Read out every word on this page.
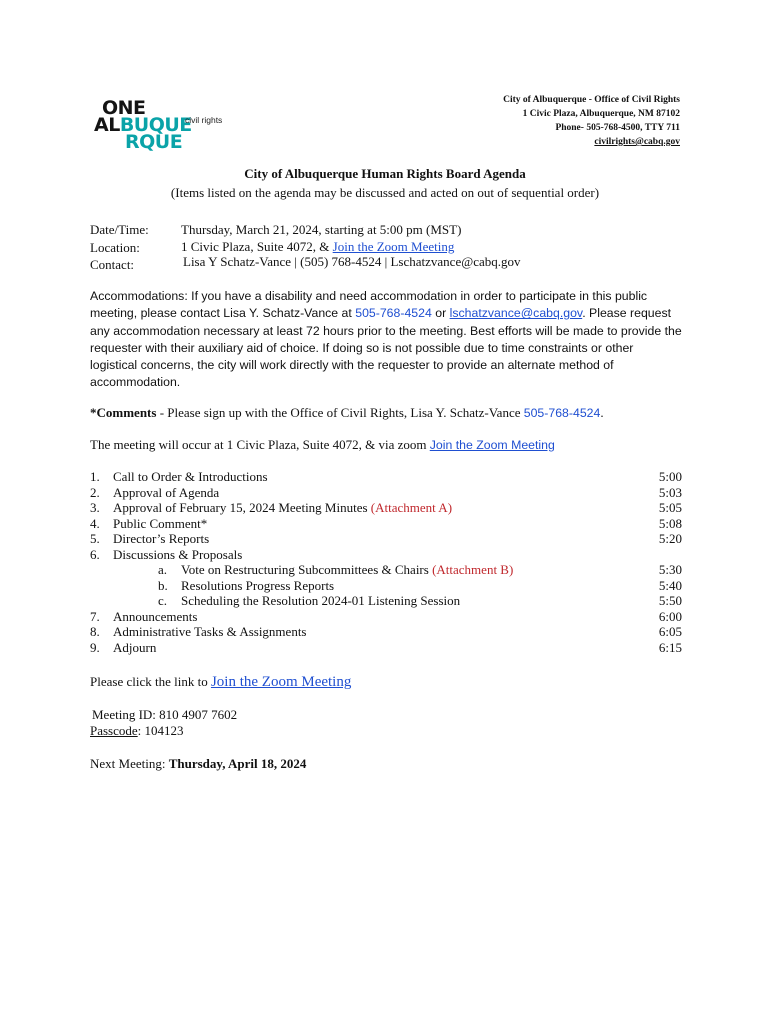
ONE
ALBUQUE
RQUE
civil rights
City of Albuquerque - Office of Civil Rights
1 Civic Plaza, Albuquerque, NM 87102
Phone- 505-768-4500, TTY 711
civilrights@cabq.gov
City of Albuquerque Human Rights Board Agenda
(Items listed on the agenda may be discussed and acted on out of sequential order)
Date/Time: Thursday, March 21, 2024, starting at 5:00 pm (MST)
Location:	1 Civic Plaza, Suite 4072, & Join the Zoom Meeting
Contact:	Lisa Y Schatz-Vance | (505) 768-4524 | Lschatzvance@cabq.gov
Accommodations: If you have a disability and need accommodation in order to participate in this public meeting, please contact Lisa Y. Schatz-Vance at 505-768-4524 or lschatzvance@cabq.gov. Please request any accommodation necessary at least 72 hours prior to the meeting. Best efforts will be made to provide the requester with their auxiliary aid of choice. If doing so is not possible due to time constraints or other logistical concerns, the city will work directly with the requester to provide an alternate method of accommodation.
*Comments - Please sign up with the Office of Civil Rights, Lisa Y. Schatz-Vance 505-768-4524.
The meeting will occur at 1 Civic Plaza, Suite 4072, & via zoom Join the Zoom Meeting
1. Call to Order & Introductions	5:00
2. Approval of Agenda	5:03
3. Approval of February 15, 2024 Meeting Minutes (Attachment A)	5:05
4. Public Comment*	5:08
5. Director’s Reports	5:20
6. Discussions & Proposals
a. Vote on Restructuring Subcommittees & Chairs (Attachment B)	5:30
b. Resolutions Progress Reports	5:40
c. Scheduling the Resolution 2024-01 Listening Session	5:50
7. Announcements	6:00
8. Administrative Tasks & Assignments	6:05
9. Adjourn	6:15
Please click the link to Join the Zoom Meeting
Meeting ID: 810 4907 7602
Passcode: 104123
Next Meeting: Thursday, April 18, 2024
